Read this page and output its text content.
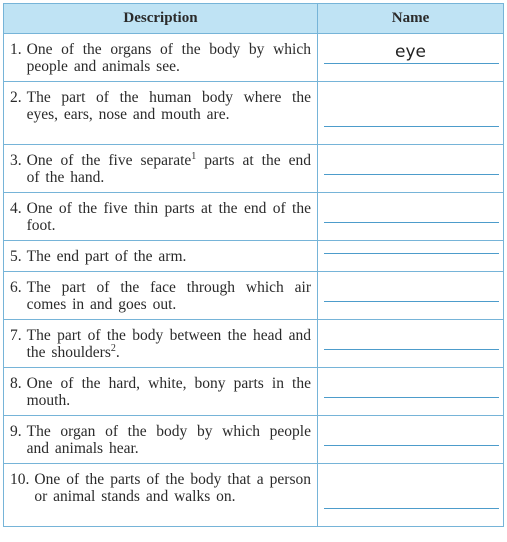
Description	Name

1. One of the organs of the body by which people and animals see.	eye

2. The part of the human body where the eyes, ears, nose and mouth are.	

3. One of the five separate$^1$ parts at the end of the hand.	

4. One of the five thin parts at the end of the foot.	

5. The end part of the arm.	

6. The part of the face through which air comes in and goes out.	

7. The part of the body between the head and the shoulders$^2$.	

8. One of the hard, white, bony parts in the mouth.	

9. The organ of the body by which people and animals hear.	

10. One of the parts of the body that a person or animal stands and walks on.	
